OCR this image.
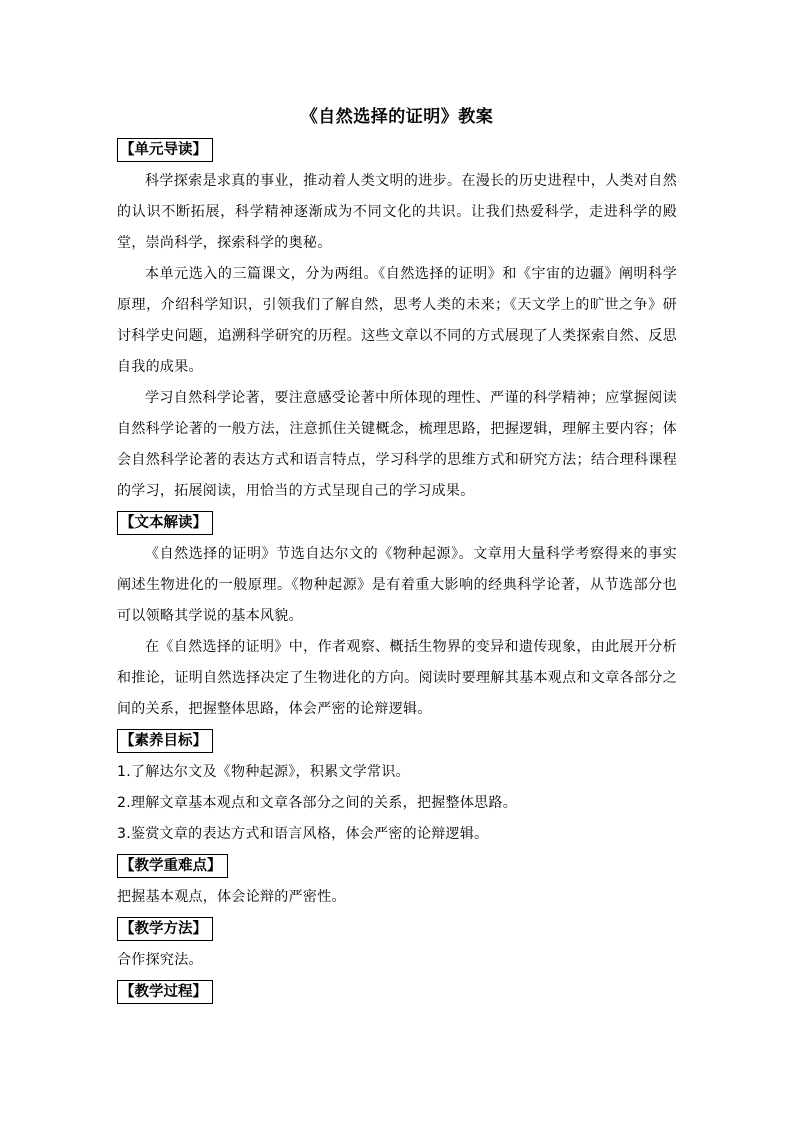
《自然选择的证明》教案
【单元导读】

科学探索是求真的事业，推动着人类文明的进步。在漫长的历史进程中，人类对自然的认识不断拓展，科学精神逐渐成为不同文化的共识。让我们热爱科学，走进科学的殿堂，崇尚科学，探索科学的奥秘。

本单元选入的三篇课文，分为两组。《自然选择的证明》和《宇宙的边疆》阐明科学原理，介绍科学知识，引领我们了解自然，思考人类的未来；《天文学上的旷世之争》研讨科学史问题，追溯科学研究的历程。这些文章以不同的方式展现了人类探索自然、反思自我的成果。

学习自然科学论著，要注意感受论著中所体现的理性、严谨的科学精神；应掌握阅读自然科学论著的一般方法，注意抓住关键概念，梳理思路，把握逻辑，理解主要内容；体会自然科学论著的表达方式和语言特点，学习科学的思维方式和研究方法；结合理科课程的学习，拓展阅读，用恰当的方式呈现自己的学习成果。

【文本解读】

《自然选择的证明》节选自达尔文的《物种起源》。文章用大量科学考察得来的事实阐述生物进化的一般原理。《物种起源》是有着重大影响的经典科学论著，从节选部分也可以领略其学说的基本风貌。

在《自然选择的证明》中，作者观察、概括生物界的变异和遗传现象，由此展开分析和推论，证明自然选择决定了生物进化的方向。阅读时要理解其基本观点和文章各部分之间的关系，把握整体思路，体会严密的论辩逻辑。

【素养目标】

1.了解达尔文及《物种起源》，积累文学常识。

2.理解文章基本观点和文章各部分之间的关系，把握整体思路。

3.鉴赏文章的表达方式和语言风格，体会严密的论辩逻辑。

【教学重难点】

把握基本观点，体会论辩的严密性。

【教学方法】

合作探究法。

【教学过程】
